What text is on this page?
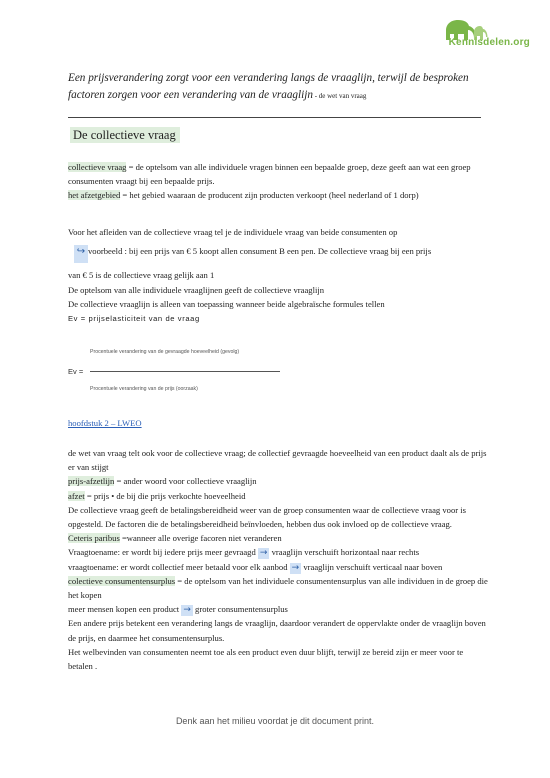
Kennisdelen.org
Een prijsverandering zorgt voor een verandering langs de vraaglijn, terwijl de besproken factoren zorgen voor een verandering van de vraaglijn - de wet van vraag
De collectieve vraag
collectieve vraag = de optelsom van alle individuele vragen binnen een bepaalde groep, deze geeft aan wat een groep consumenten vraagt bij een bepaalde prijs.
het afzetgebied = het gebied waaraan de producent zijn producten verkoopt (heel nederland of 1 dorp)
Voor het afleiden van de collectieve vraag tel je de individuele vraag van beide consumenten op
↪ voorbeeld : bij een prijs van € 5 koopt allen consument B een pen. De collectieve vraag bij een prijs
van € 5 is de collectieve vraag gelijk aan 1
De optelsom van alle individuele vraaglijnen geeft de collectieve vraaglijn
De collectieve vraaglijn is alleen van toepassing wanneer beide algebraïsche formules tellen
Ev = prijselasticiteit van de vraag
Procentuele verandering van de gevraagde hoeveelheid (gevolg)
Ev =
Procentuele verandering van de prijs (oorzaak)
hoofdstuk 2 – LWEO
de wet van vraag telt ook voor de collectieve vraag; de collectief gevraagde hoeveelheid van een product daalt als de prijs er van stijgt
prijs-afzetlijn = ander woord voor collectieve vraaglijn
afzet = prijs • de bij die prijs verkochte hoeveelheid
De collectieve vraag geeft de betalingsbereidheid weer van de groep consumenten waar de collectieve vraag voor is opgesteld. De factoren die de betalingsbereidheid beïnvloeden, hebben dus ook invloed op de collectieve vraag.
Ceteris paribus =wanneer alle overige facoren niet veranderen
Vraagtoename: er wordt bij iedere prijs meer gevraagd → vraaglijn verschuift horizontaal naar rechts
vraagtoename: er wordt collectief meer betaald voor elk aanbod → vraaglijn verschuift verticaal naar boven
colectieve consumentensurplus = de optelsom van het individuele consumentensurplus van alle individuen in de groep die het kopen
meer mensen kopen een product → groter consumentensurplus
Een andere prijs betekent een verandering langs de vraaglijn, daardoor verandert de oppervlakte onder de vraaglijn boven de prijs, en daarmee het consumentensurplus.
Het welbevinden van consumenten neemt toe als een product even duur blijft, terwijl ze bereid zijn er meer voor te betalen .
Denk aan het milieu voordat je dit document print.
